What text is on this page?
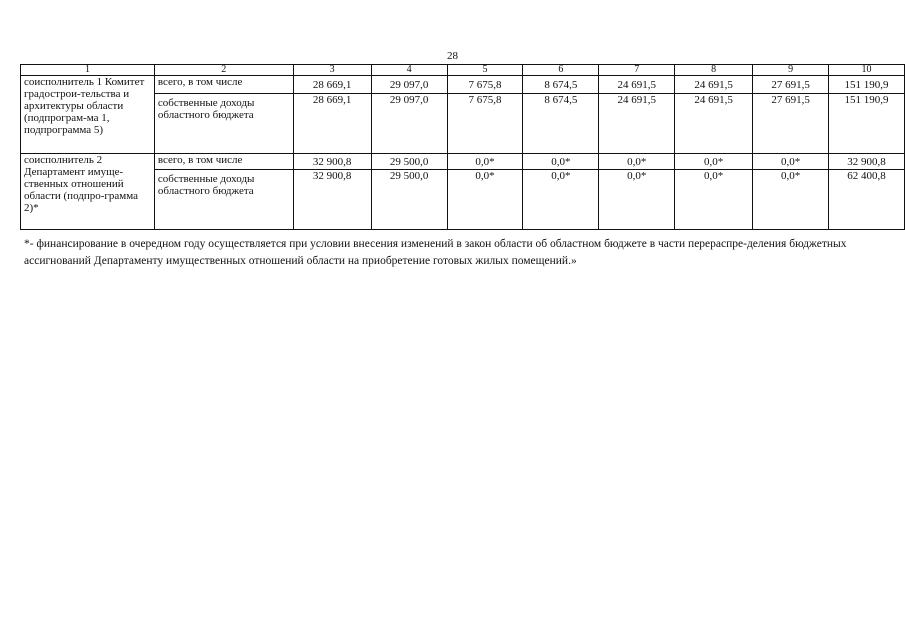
28
1	2	3	4	5	6	7	8	9	10
соисполнитель 1 Комитет градострои-тельства и архитектуры области (подпрограм-ма 1, подпрограмма 5)	всего, в том числе	28 669,1	29 097,0	7 675,8	8 674,5	24 691,5	24 691,5	27 691,5	151 190,9
	собственные доходы областного бюджета	28 669,1	29 097,0	7 675,8	8 674,5	24 691,5	24 691,5	27 691,5	151 190,9
соисполнитель 2 Департамент имуще-ственных отношений области (подпро-грамма 2)*	всего, в том числе	32 900,8	29 500,0	0,0*	0,0*	0,0*	0,0*	0,0*	32 900,8
	собственные доходы областного бюджета	32 900,8	29 500,0	0,0*	0,0*	0,0*	0,0*	0,0*	62 400,8
*- финансирование в очередном году осуществляется при условии внесения изменений в закон области об областном бюджете в части перераспре-деления бюджетных ассигнований Департаменту имущественных отношений области на приобретение готовых жилых помещений.»
